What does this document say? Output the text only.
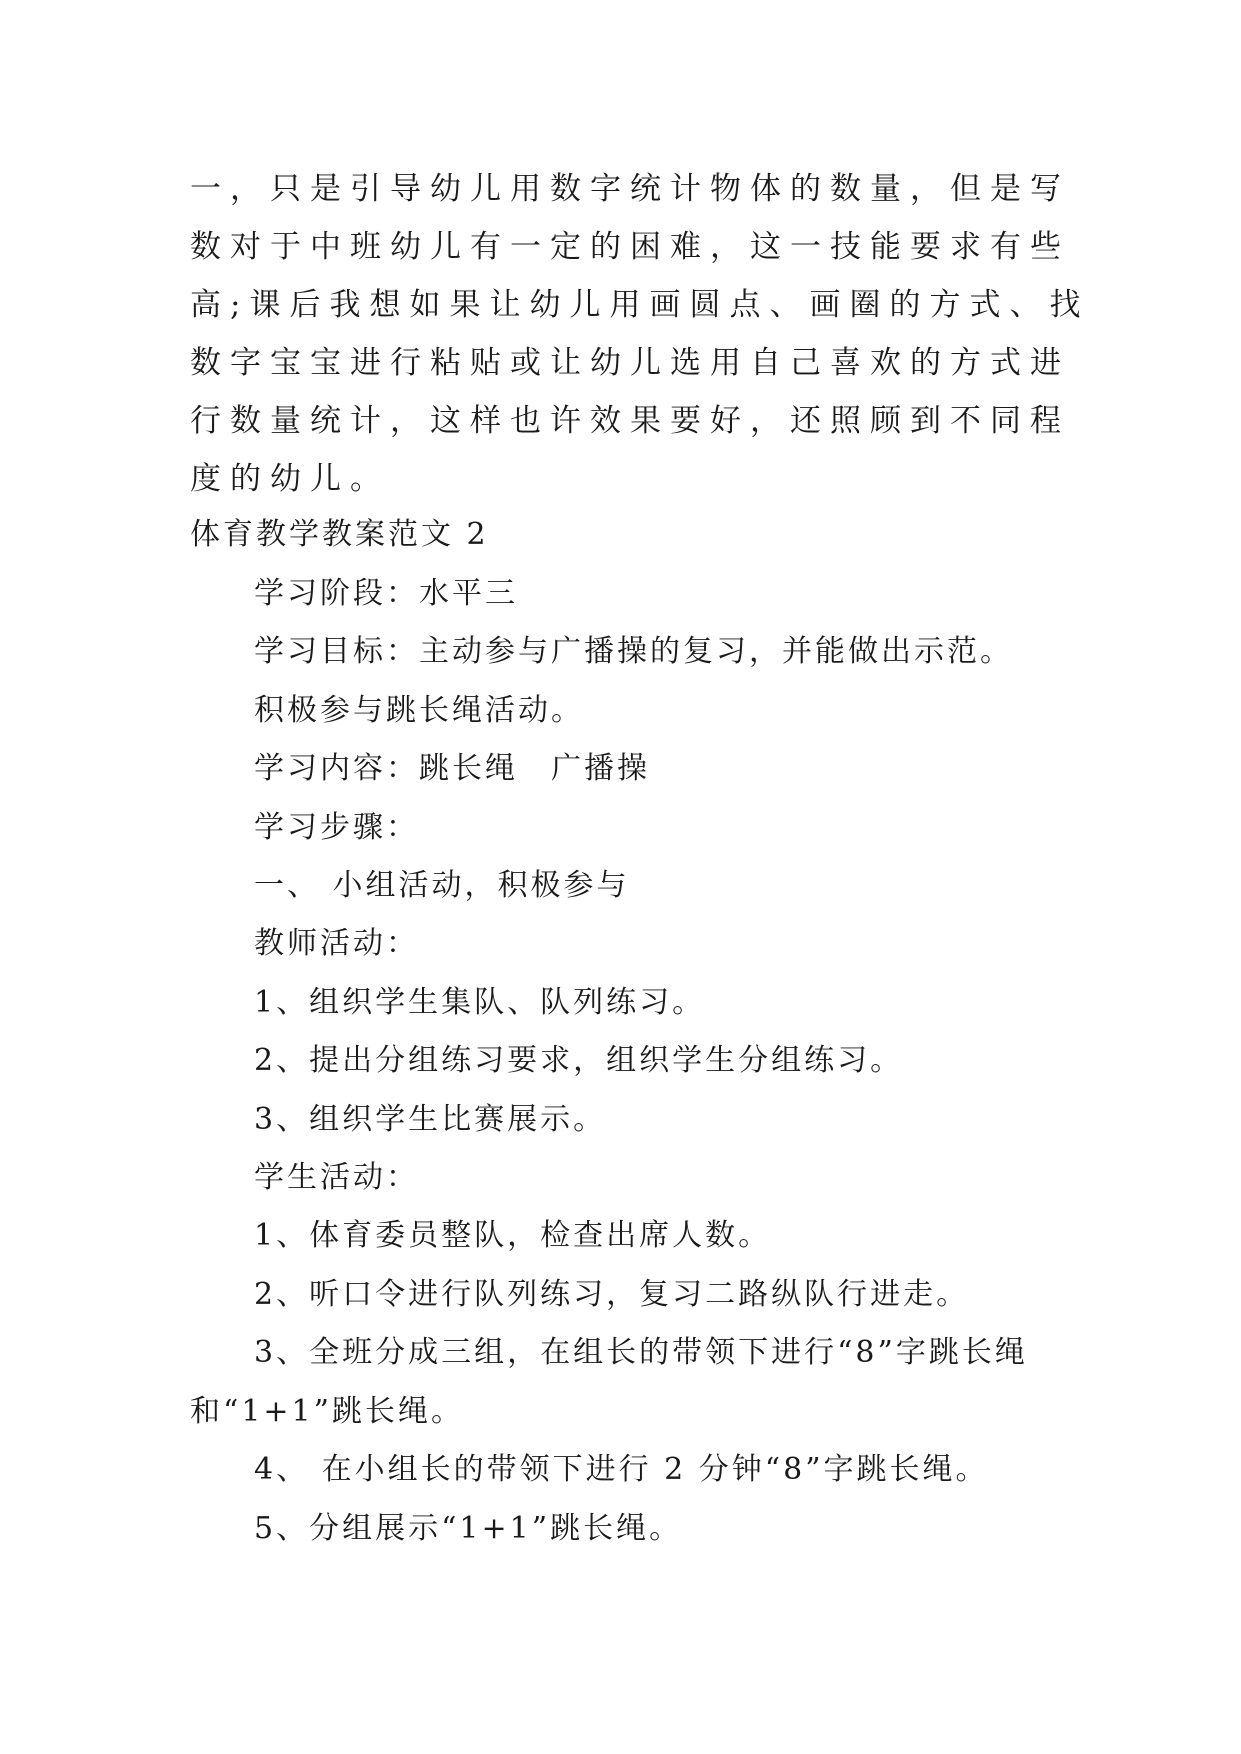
一，只是引导幼儿用数字统计物体的数量，但是写数对于中班幼儿有一定的困难，这一技能要求有些高;课后我想如果让幼儿用画圆点、画圈的方式、找数字宝宝进行粘贴或让幼儿选用自己喜欢的方式进行数量统计，这样也许效果要好，还照顾到不同程度的幼儿。

体育教学教案范文 2
学习阶段：水平三
学习目标：主动参与广播操的复习，并能做出示范。
积极参与跳长绳活动。
学习内容：跳长绳　广播操
学习步骤：
一、 小组活动，积极参与
教师活动：
1、组织学生集队、队列练习。
2、提出分组练习要求，组织学生分组练习。
3、组织学生比赛展示。
学生活动：
1、体育委员整队，检查出席人数。
2、听口令进行队列练习，复习二路纵队行进走。
3、全班分成三组，在组长的带领下进行“8”字跳长绳和“1+1”跳长绳。
4、 在小组长的带领下进行 2 分钟“8”字跳长绳。
5、分组展示“1+1”跳长绳。
